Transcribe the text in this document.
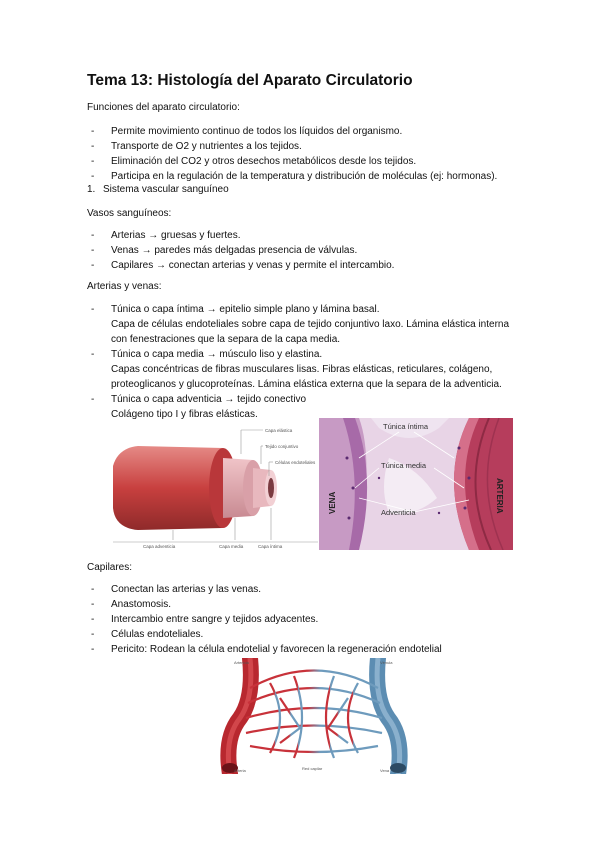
Tema 13: Histología del Aparato Circulatorio

Funciones del aparato circulatorio:

- Permite movimiento continuo de todos los líquidos del organismo.
- Transporte de O2 y nutrientes a los tejidos.
- Eliminación del CO2 y otros desechos metabólicos desde los tejidos.
- Participa en la regulación de la temperatura y distribución de moléculas (ej: hormonas).
1. Sistema vascular sanguíneo

Vasos sanguíneos:

- Arterias → gruesas y fuertes.
- Venas → paredes más delgadas presencia de válvulas.
- Capilares → conectan arterias y venas y permite el intercambio.

Arterias y venas:

- Túnica o capa íntima → epitelio simple plano y lámina basal.
Capa de células endoteliales sobre capa de tejido conjuntivo laxo. Lámina elástica interna
con fenestraciones que la separa de la capa media.
- Túnica o capa media → músculo liso y elastina.
Capas concéntricas de fibras musculares lisas. Fibras elásticas, reticulares, colágeno,
proteoglicanos y glucoproteínas. Lámina elástica externa que la separa de la adventicia.
- Túnica o capa adventicia → tejido conectivo
Colágeno tipo I y fibras elásticas.
Capa elástica
Tejido conjuntivo
Células endoteliales
Capa adventicia	Capa media	Capa íntima
Túnica íntima
Túnica media
Adventicia
VENA	ARTERIA

Capilares:

- Conectan las arterias y las venas.
- Anastomosis.
- Intercambio entre sangre y tejidos adyacentes.
- Células endoteliales.
- Pericito: Rodean la célula endotelial y favorecen la regeneración endotelial
Arteriola	Vénula
Arteria	Vena
Red capilar
